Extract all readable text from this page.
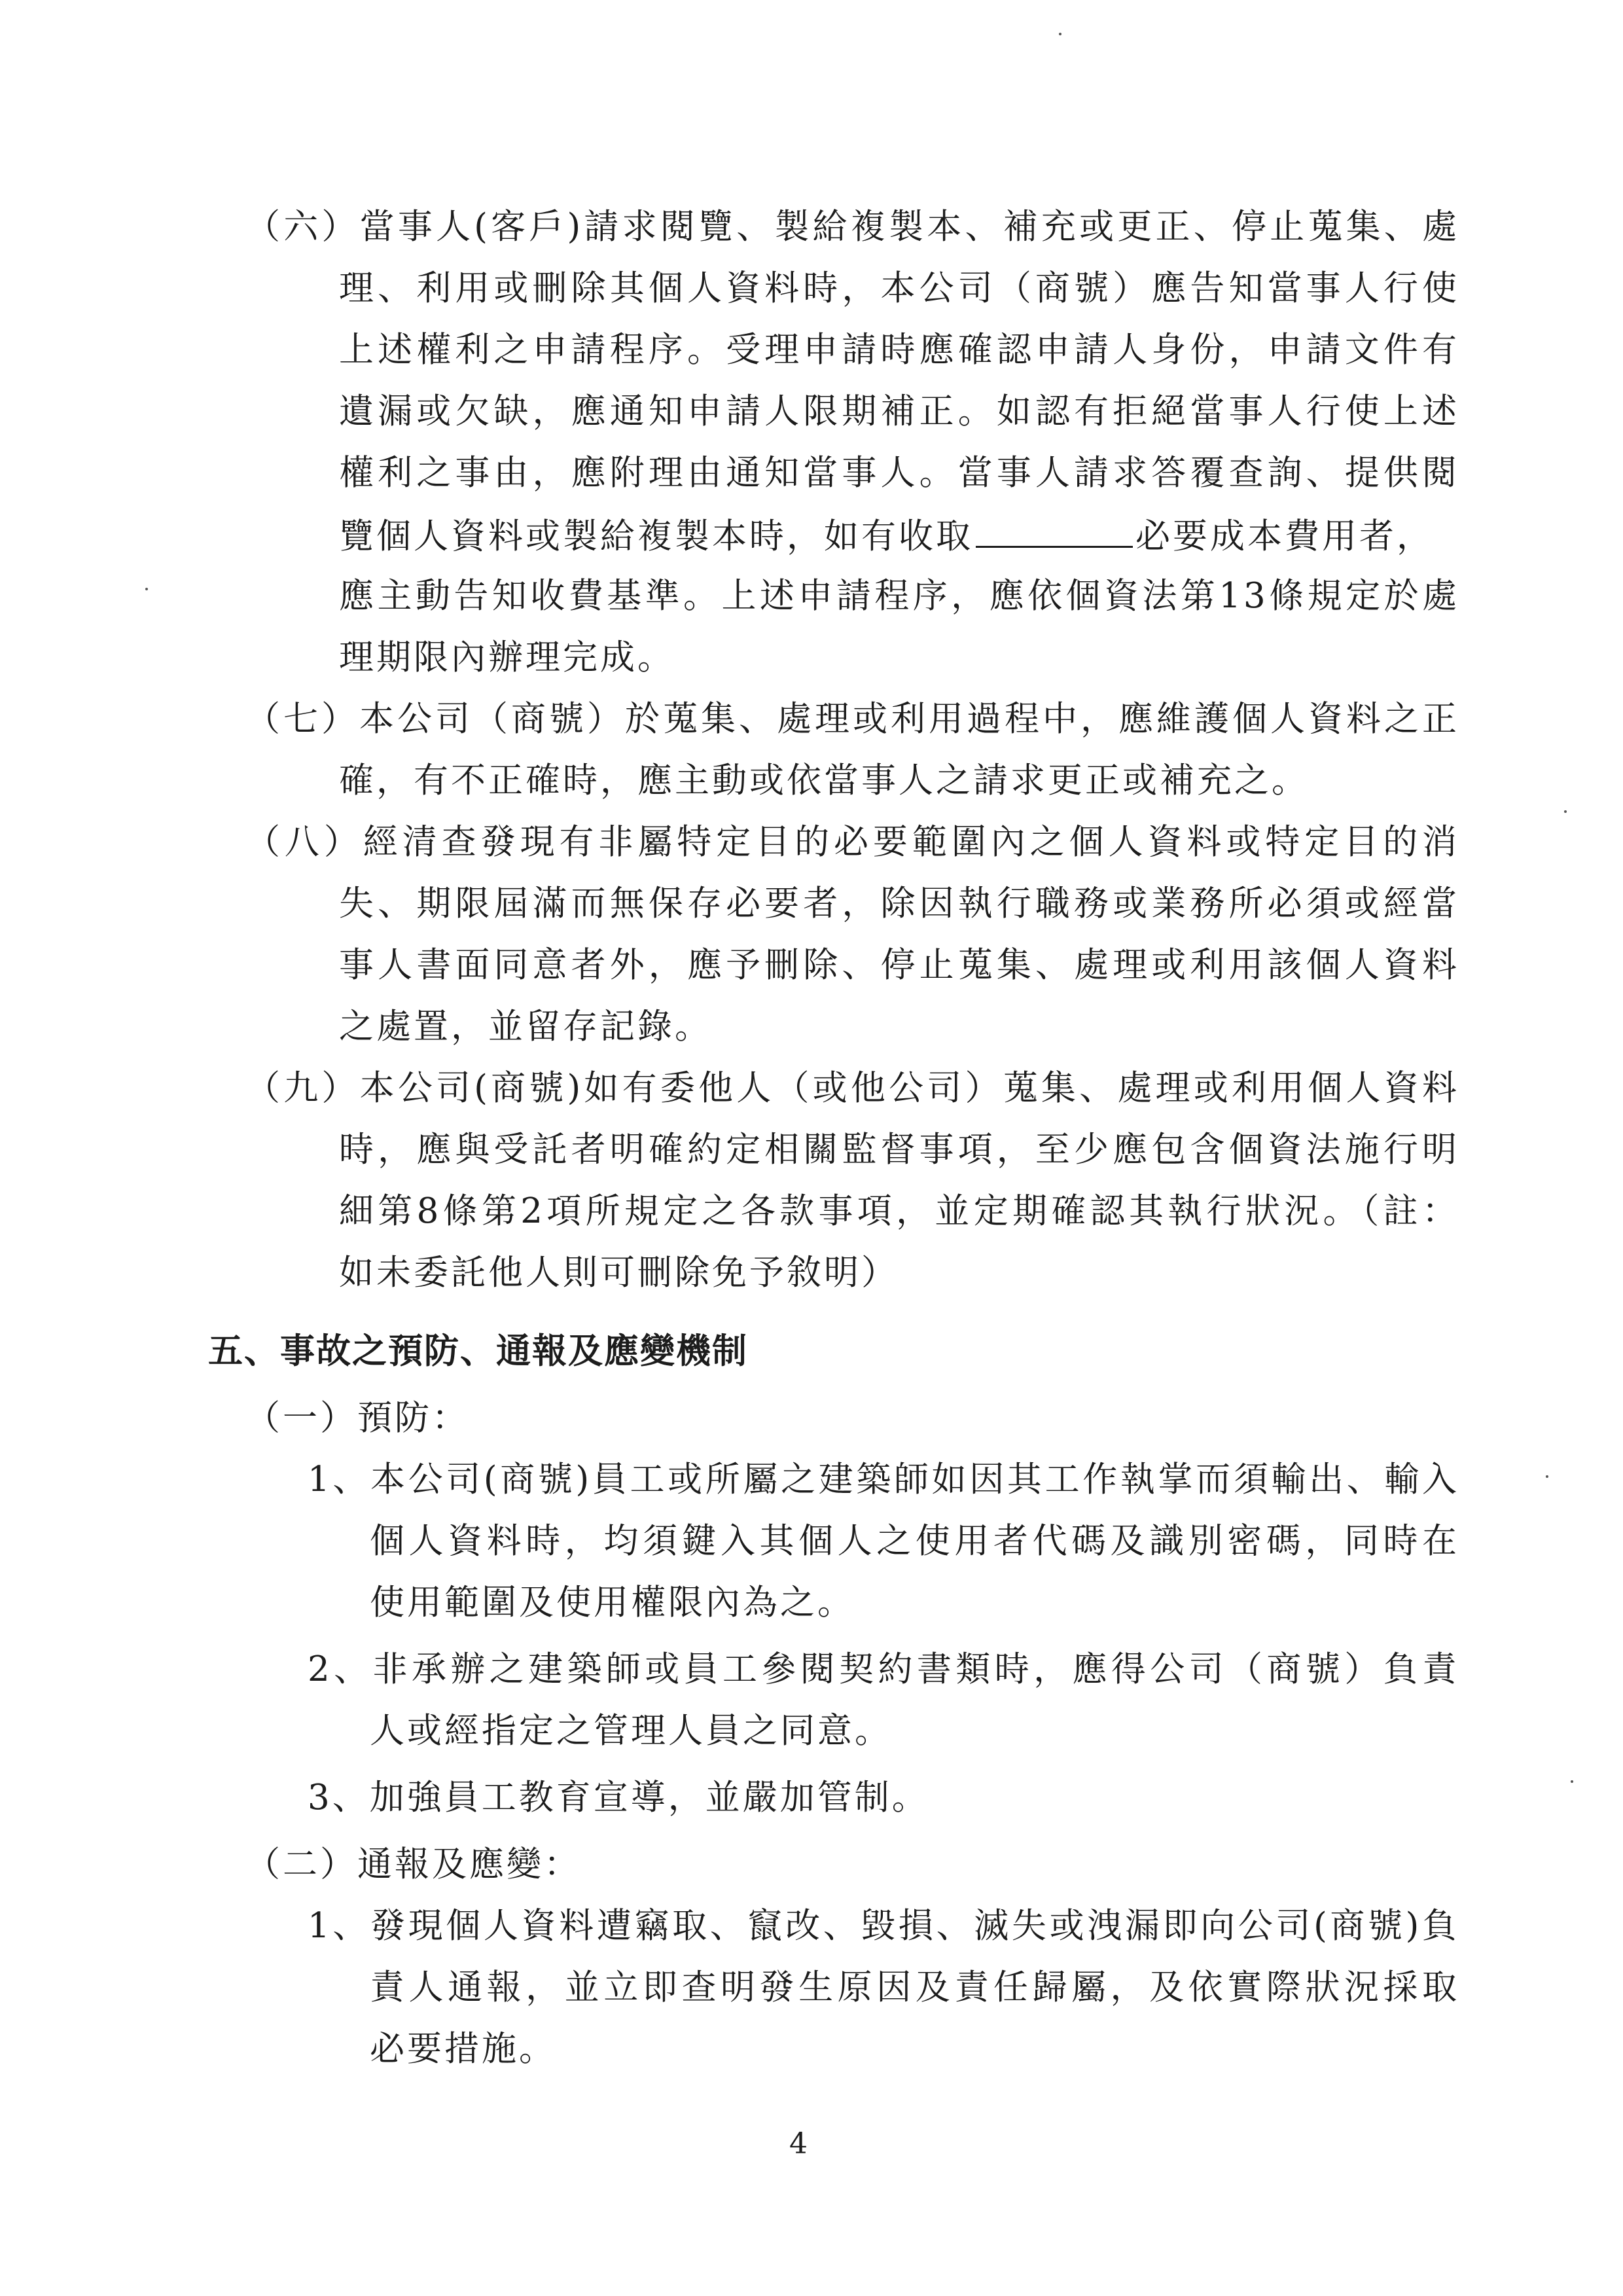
（六）當事人(客戶)請求閱覽、製給複製本、補充或更正、停止蒐集、處
理、利用或刪除其個人資料時，本公司（商號）應告知當事人行使
上述權利之申請程序。受理申請時應確認申請人身份，申請文件有
遺漏或欠缺，應通知申請人限期補正。如認有拒絕當事人行使上述
權利之事由，應附理由通知當事人。當事人請求答覆查詢、提供閱
覽個人資料或製給複製本時，如有收取	必要成本費用者，
應主動告知收費基準。上述申請程序，應依個資法第13條規定於處
理期限內辦理完成。
（七）本公司（商號）於蒐集、處理或利用過程中，應維護個人資料之正
確，有不正確時，應主動或依當事人之請求更正或補充之。
（八）經清查發現有非屬特定目的必要範圍內之個人資料或特定目的消
失、期限屆滿而無保存必要者，除因執行職務或業務所必須或經當
事人書面同意者外，應予刪除、停止蒐集、處理或利用該個人資料
之處置，並留存記錄。
（九）本公司(商號)如有委他人（或他公司）蒐集、處理或利用個人資料
時，應與受託者明確約定相關監督事項，至少應包含個資法施行明
細第8條第2項所規定之各款事項，並定期確認其執行狀況。（註：
如未委託他人則可刪除免予敘明）
五、事故之預防、通報及應變機制
（一）預防：
1、本公司(商號)員工或所屬之建築師如因其工作執掌而須輸出、輸入
個人資料時，均須鍵入其個人之使用者代碼及識別密碼，同時在
使用範圍及使用權限內為之。
2、非承辦之建築師或員工參閱契約書類時，應得公司（商號）負責
人或經指定之管理人員之同意。
3、加強員工教育宣導，並嚴加管制。
（二）通報及應變：
1、發現個人資料遭竊取、竄改、毀損、滅失或洩漏即向公司(商號)負
責人通報，並立即查明發生原因及責任歸屬，及依實際狀況採取
必要措施。
4
